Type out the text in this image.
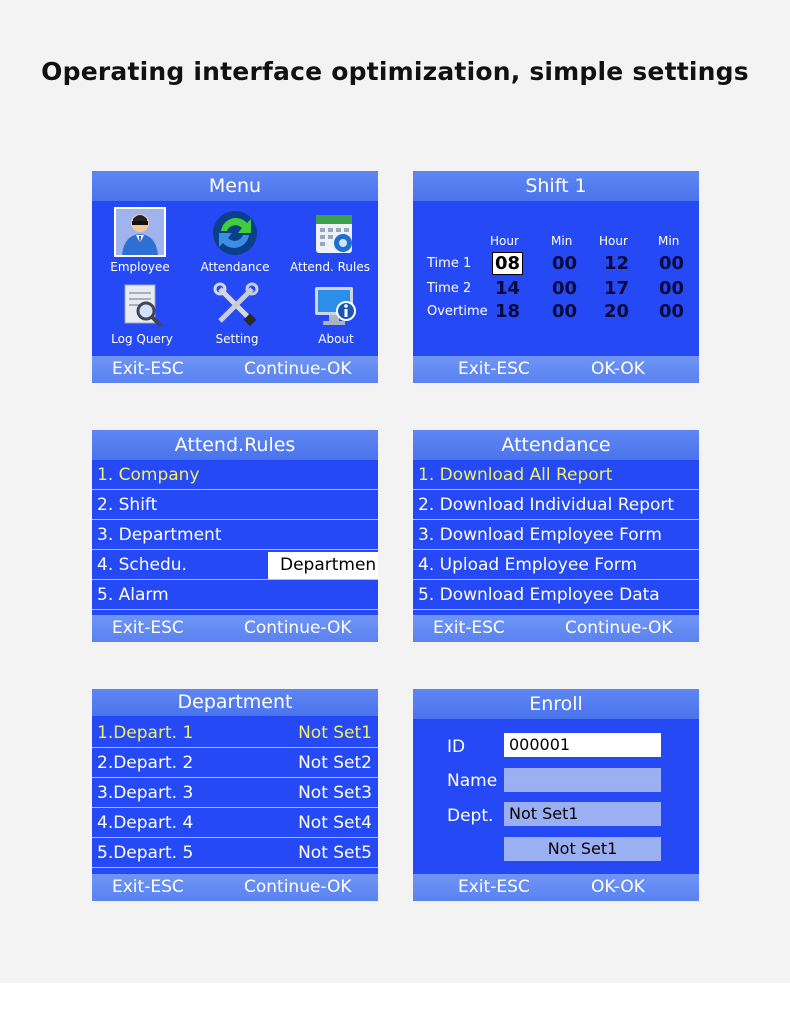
Operating interface optimization, simple settings
Menu
Employee	Attendance	Attend. Rules
Log Query	Setting	About
Exit-ESC	Continue-OK
Shift 1
Hour	Min Hour	Min
Time 1 08 00 12 00
Time 2 14 00 17 00
Overtime 18 00 20 00
Exit-ESC	OK-OK
Attend.Rules
1. Company
2. Shift
3. Department
4. Schedu.	Departmen
5. Alarm
Exit-ESC	Continue-OK
Attendance
1. Download All Report
2. Download Individual Report
3. Download Employee Form
4. Upload Employee Form
5. Download Employee Data
Exit-ESC	Continue-OK
Department
1.Depart. 1	Not Set1
2.Depart. 2	Not Set2
3.Depart. 3	Not Set3
4.Depart. 4	Not Set4
5.Depart. 5	Not Set5
Exit-ESC	Continue-OK
Enroll
ID	000001
Name
Dept. Not Set1
Not Set1
Exit-ESC	OK-OK
